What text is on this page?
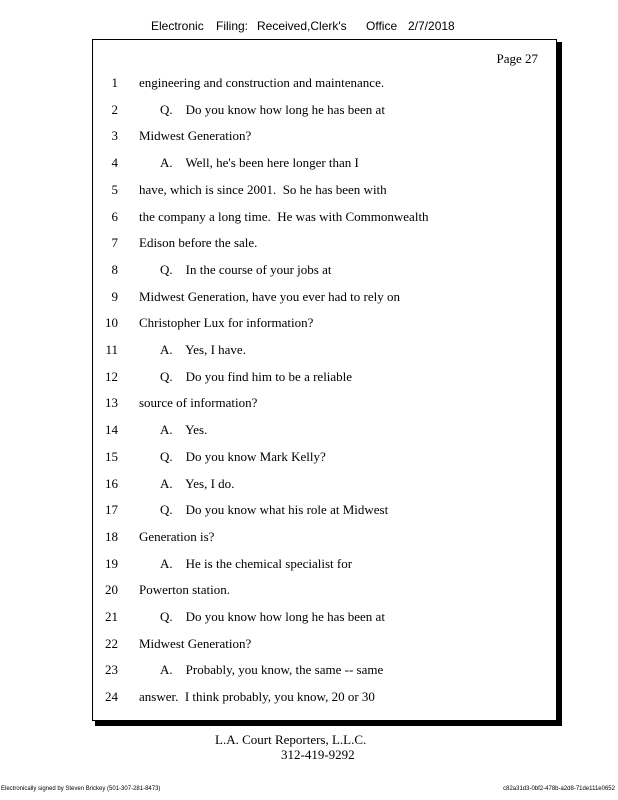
Electronic Filing: Received,Clerk's Office 2/7/2018
Page 27
1 engineering and construction and maintenance.
2	Q.    Do you know how long he has been at
3 Midwest Generation?
4	A.    Well, he's been here longer than I
5 have, which is since 2001.  So he has been with
6 the company a long time.  He was with Commonwealth
7 Edison before the sale.
8	Q.    In the course of your jobs at
9 Midwest Generation, have you ever had to rely on
10 Christopher Lux for information?
11	A.    Yes, I have.
12	Q.    Do you find him to be a reliable
13 source of information?
14	A.    Yes.
15	Q.    Do you know Mark Kelly?
16	A.    Yes, I do.
17	Q.    Do you know what his role at Midwest
18 Generation is?
19	A.    He is the chemical specialist for
20 Powerton station.
21	Q.    Do you know how long he has been at
22 Midwest Generation?
23	A.    Probably, you know, the same -- same
24 answer.  I think probably, you know, 20 or 30
L.A. Court Reporters, L.L.C.
312-419-9292
Electronically signed by Steven Brickey (501-307-281-8473)	c82a31d3-0bf2-478b-a2d8-71de111e0652
